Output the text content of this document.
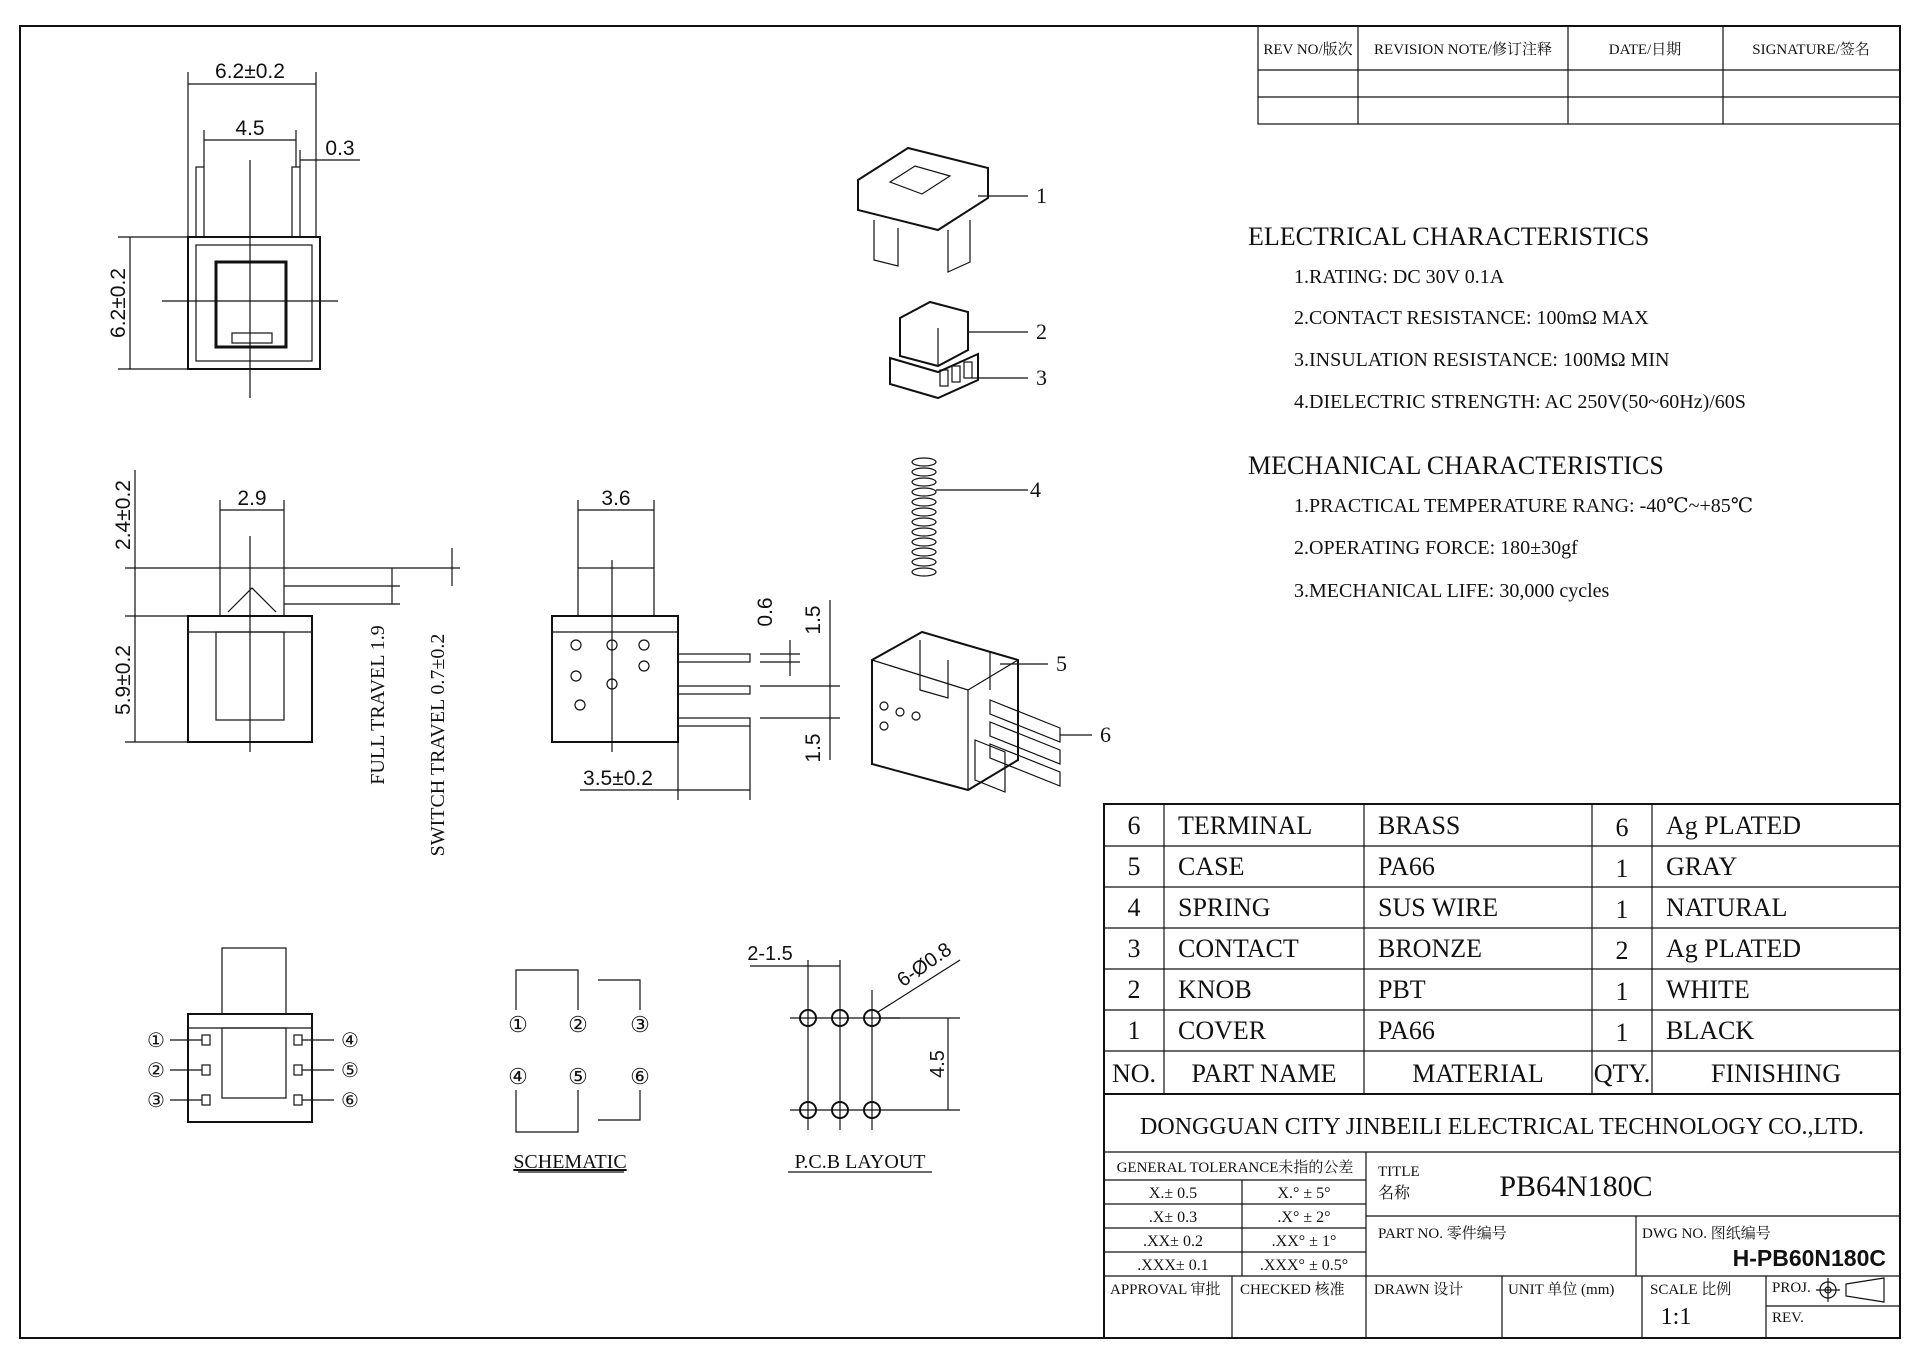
REV NO/版次 REVISION NOTE/修订注释	DATE/日期	SIGNATURE/签名
6.2±0.2
4.5
0.3
6.2±0.2
2.9
2.4±0.2
5.9±0.2	FULL TRAVEL 1.9 SWITCH TRAVEL 0.7±0.2
3.6
3.5±0.2
0.6 1.5
1.5
①
②
③
④
⑤
⑥
① ② ③
④ ⑤ ⑥
SCHEMATIC
2-1.5	6-Ø0.8
4.5
P.C.B LAYOUT
1
2
3
4
5
6
ELECTRICAL CHARACTERISTICS
1.RATING: DC 30V 0.1A
2.CONTACT RESISTANCE: 100mΩ MAX
3.INSULATION RESISTANCE: 100MΩ MIN
4.DIELECTRIC STRENGTH: AC 250V(50~60Hz)/60S
MECHANICAL CHARACTERISTICS
1.PRACTICAL TEMPERATURE RANG: -40℃~+85℃
2.OPERATING FORCE: 180±30gf
3.MECHANICAL LIFE: 30,000 cycles
6 TERMINAL	BRASS	6 Ag PLATED
5 CASE	PA66	1 GRAY
4 SPRING	SUS WIRE	1 NATURAL
3 CONTACT	BRONZE	2 Ag PLATED
2 KNOB	PBT	1 WHITE
1 COVER	PA66	1 BLACK
NO. PART NAME	MATERIAL QTY. FINISHING
DONGGUAN CITY JINBEILI ELECTRICAL TECHNOLOGY CO.,LTD.
GENERAL TOLERANCE未指的公差
X.± 0.5	X.° ± 5°
.X± 0.3	.X° ± 2°
.XX± 0.2	.XX° ± 1°
.XXX± 0.1	.XXX° ± 0.5°
TITLE
名称	PB64N180C
PART NO. 零件编号	DWG NO. 图纸编号
H-PB60N180C
APPROVAL 审批 CHECKED 核准 DRAWN 设计	UNIT 单位 (mm) SCALE 比例
1:1
PROJ.
REV.
